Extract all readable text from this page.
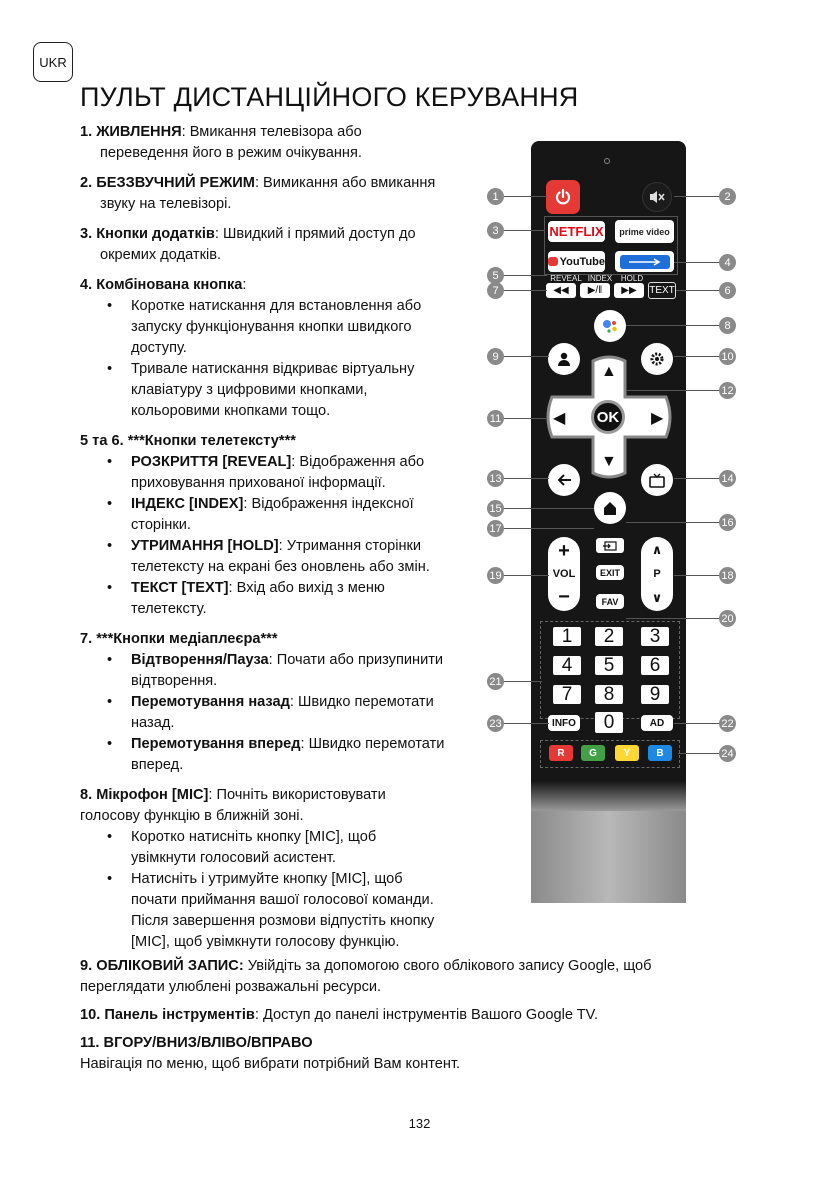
UKR
ПУЛЬТ ДИСТАНЦІЙНОГО КЕРУВАННЯ
1. ЖИВЛЕННЯ: Вмикання телевізора або
переведення його в режим очікування.
2. БЕЗЗВУЧНИЙ РЕЖИМ: Вимикання або вмикання
звуку на телевізорі.
3. Кнопки додатків: Швидкий і прямий доступ до
окремих додатків.
4. Комбінована кнопка:
• Коротке натискання для встановлення або
запуску функціонування кнопки швидкого
доступу.
• Тривале натискання відкриває віртуальну
клавіатуру з цифровими кнопками,
кольоровими кнопками тощо.
5 та 6. ***Кнопки телетексту***
• РОЗКРИТТЯ [REVEAL]: Відображення або
приховування прихованої інформації.
• ІНДЕКС [INDEX]: Відображення індексної
сторінки.
• УТРИМАННЯ [HOLD]: Утримання сторінки
телетексту на екрані без оновлень або змін.
• ТЕКСТ [TEXT]: Вхід або вихід з меню
телетексту.
7. ***Кнопки медіаплеєра***
• Відтворення/Пауза: Почати або призупинити
відтворення.
• Перемотування назад: Швидко перемотати
назад.
• Перемотування вперед: Швидко перемотати
вперед.
8. Мікрофон [MIC]: Почніть використовувати
голосову функцію в ближній зоні.
• Коротко натисніть кнопку [MIC], щоб
увімкнути голосовий асистент.
• Натисніть і утримуйте кнопку [MIC], щоб
почати приймання вашої голосової команди.
Після завершення розмови відпустіть кнопку
[MIC], щоб увімкнути голосову функцію.
9. ОБЛІКОВИЙ ЗАПИС: Увійдіть за допомогою свого облікового запису Google, щоб
переглядати улюблені розважальні ресурси.
10. Панель інструментів: Доступ до панелі інструментів Вашого Google TV.
11. ВГОРУ/ВНИЗ/ВЛІВО/ВПРАВО
Навігація по меню, щоб вибрати потрібний Вам контент.
132
NETFLIX	prime video
YouTube
REVEAL INDEX	HOLD
◀◀ ▶/‖ ▶▶ TEXT
▲
▼
◀	▶
OK
+
VOL
−
∧
P
∨
EXIT
FAV
1	2	3
4	5	6
7	8	9
INFO	0	AD
R	G	Y	B
1	2
3
4
5
6
7
8
9	10
11
12
13	14
15
16
17
18
19
20
21
22
23
24
